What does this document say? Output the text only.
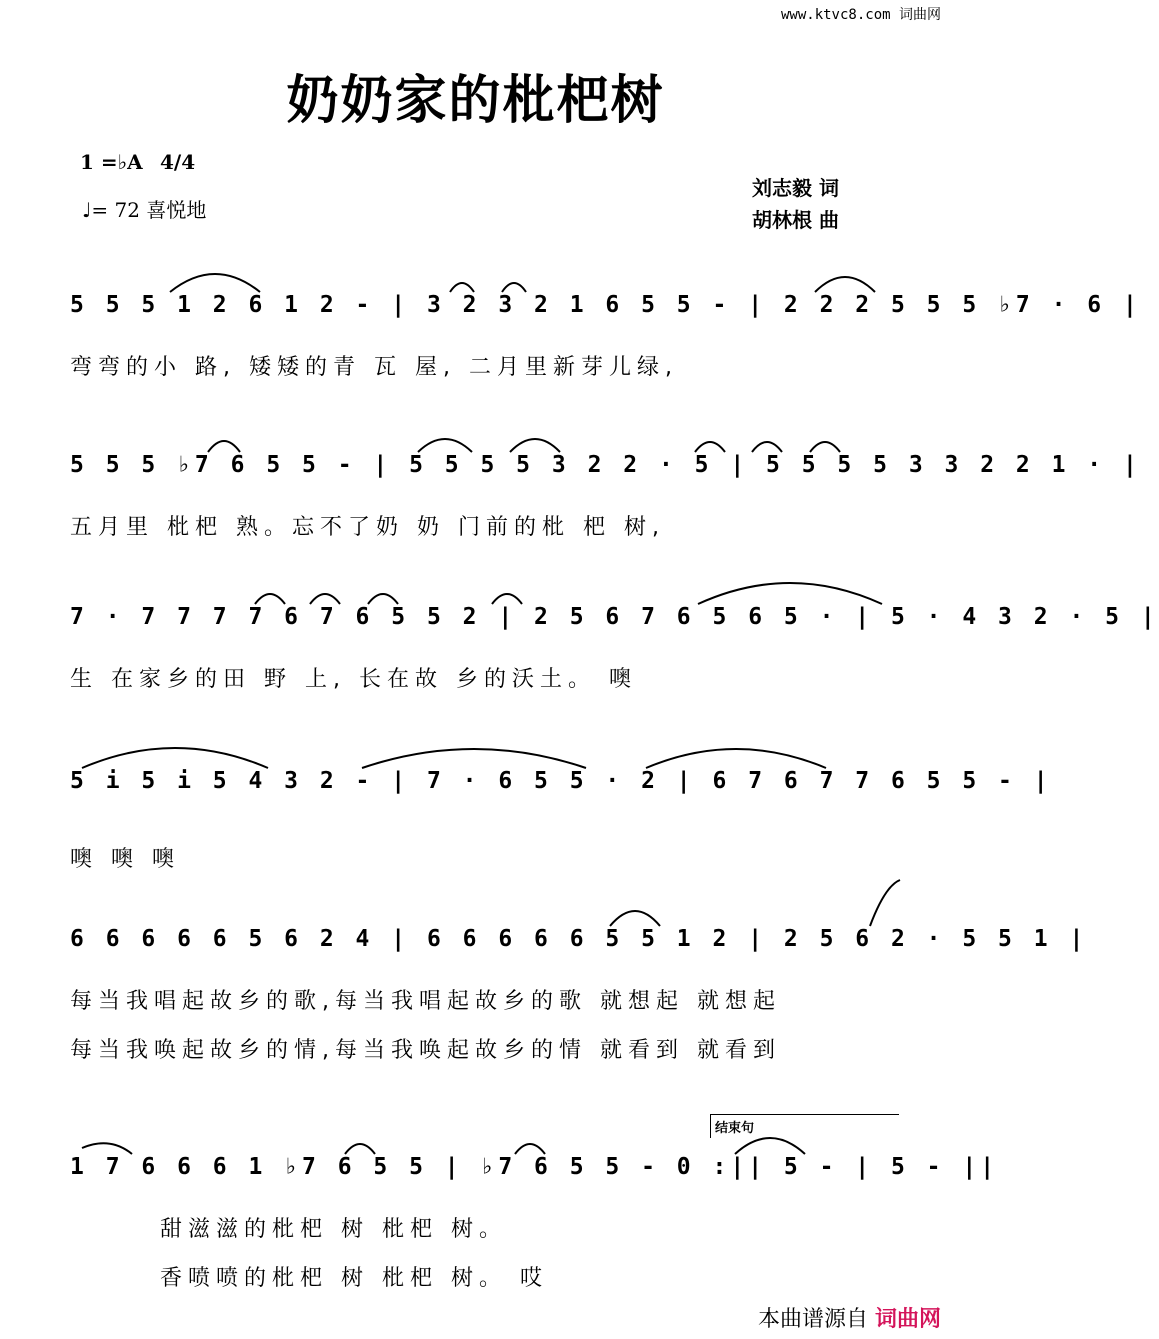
www.ktvc8.com 词曲网
奶奶家的枇杷树
1 =♭A 4/4
♩= 72 喜悦地
刘志毅 词
胡林根 曲
5 5 5 1 2 6 1 2 - | 3 2 3 2 1 6 5 5 - | 2 2 2 5 5 5 ♭7 · 6 |
弯弯的小 路, 矮矮的青 瓦 屋, 二月里新芽儿绿,
5 5 5 ♭7 6 5 5 - | 5 5 5 5 3 2 2 · 5 | 5 5 5 5 3 3 2 2 1 · |
五月里 枇杷 熟。忘不了奶 奶 门前的枇 杷 树,
7 · 7 7 7 7 6 7 6 5 5 2 | 2 5 6 7 6 5 6 5 · | 5 · 4 3 2 · 5 |
生 在家乡的田 野 上, 长在故 乡的沃土。 噢
5 i 5 i 5 4 3 2 - | 7 · 6 5 5 · 2 | 6 7 6 7 7 6 5 5 - |
噢 噢 噢
6 6 6 6 6 5 6 2 4 | 6 6 6 6 6 5 5 1 2 | 2 5 6 2 · 5 5 1 |
每当我唱起故乡的歌,每当我唱起故乡的歌 就想起 就想起
每当我唤起故乡的情,每当我唤起故乡的情 就看到 就看到
结束句
1 7 6 6 6 1 ♭7 6 5 5 | ♭7 6 5 5 - 0 :|| 5 - | 5 - ||
甜滋滋的枇杷 树 枇杷 树。
香喷喷的枇杷 树 枇杷 树。 哎
本曲谱源自 词曲网
